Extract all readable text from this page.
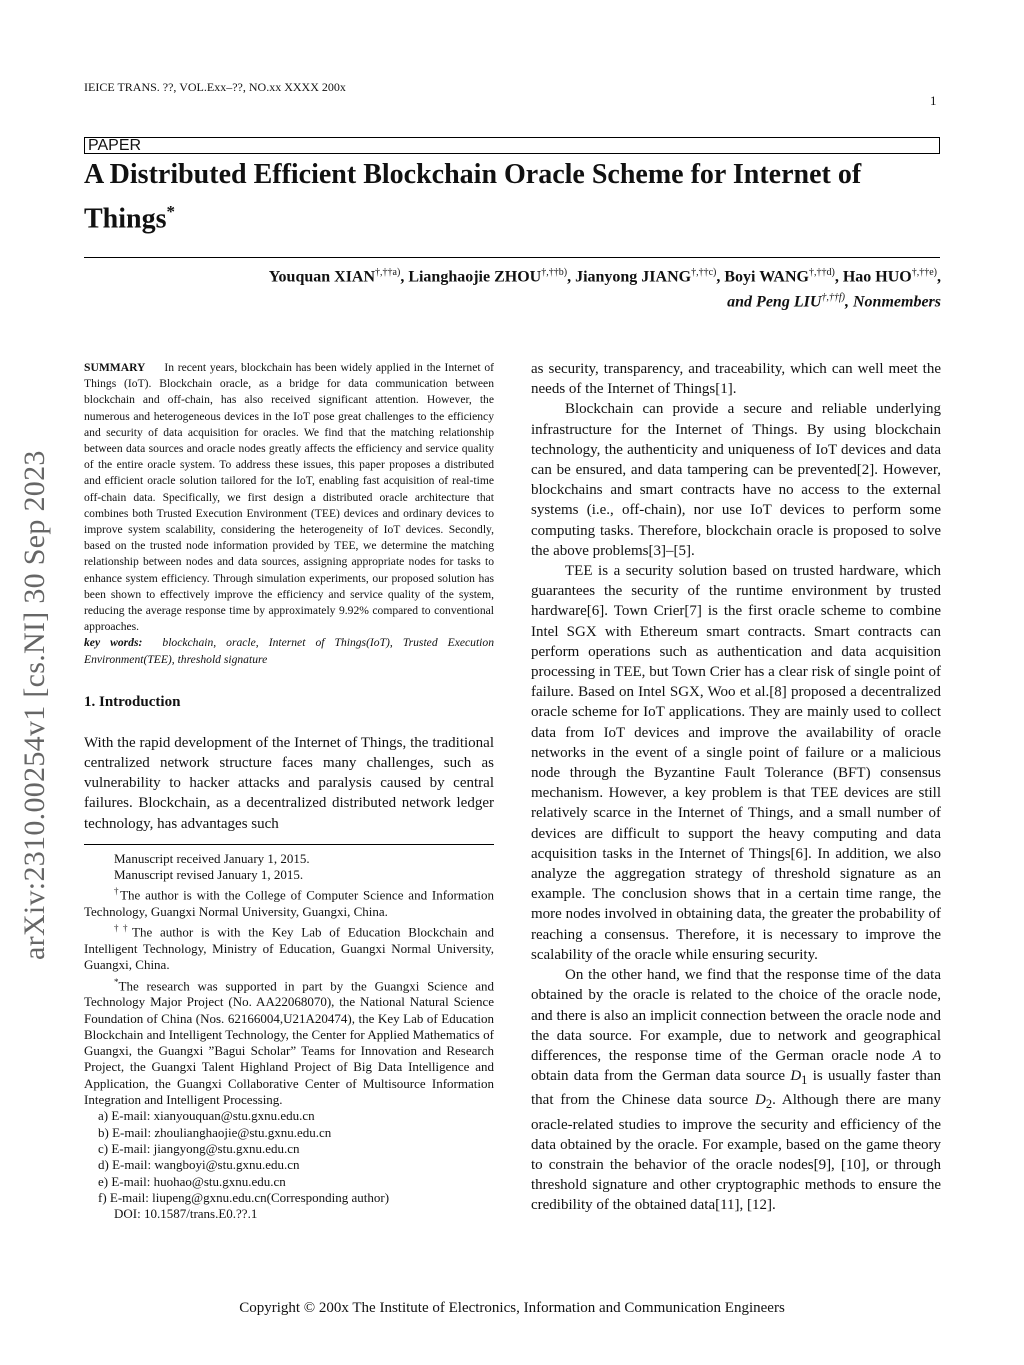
IEICE TRANS. ??, VOL.Exx–??, NO.xx XXXX 200x
1
PAPER
A Distributed Efficient Blockchain Oracle Scheme for Internet of Things*
Youquan $XIAN^{\dagger,\dagger\dagger a)}$, Lianghaojie $ZHOU^{\dagger,\dagger\dagger b)}$, Jianyong $JIANG^{\dagger,\dagger\dagger c)}$, Boyi $WANG^{\dagger,\dagger\dagger d)}$, Hao $HUO^{\dagger,\dagger\dagger e)}$,
and Peng $LIU^{\dagger,\dagger\dagger f)}$, Nonmembers
arXiv:2310.00254v1 [cs.NI] 30 Sep 2023

SUMMARY In recent years, blockchain has been widely applied in the Internet of Things (IoT). Blockchain oracle, as a bridge for data communication between blockchain and off-chain, has also received significant attention. However, the numerous and heterogeneous devices in the IoT pose great challenges to the efficiency and security of data acquisition for oracles. We find that the matching relationship between data sources and oracle nodes greatly affects the efficiency and service quality of the entire oracle system. To address these issues, this paper proposes a distributed and efficient oracle solution tailored for the IoT, enabling fast acquisition of real-time off-chain data. Specifically, we first design a distributed oracle architecture that combines both Trusted Execution Environment (TEE) devices and ordinary devices to improve system scalability, considering the heterogeneity of IoT devices. Secondly, based on the trusted node information provided by TEE, we determine the matching relationship between nodes and data sources, assigning appropriate nodes for tasks to enhance system efficiency. Through simulation experiments, our proposed solution has been shown to effectively improve the efficiency and service quality of the system, reducing the average response time by approximately 9.92% compared to conventional approaches.

key words: blockchain, oracle, Internet of Things(IoT), Trusted Execution Environment(TEE), threshold signature

1. Introduction

With the rapid development of the Internet of Things, the traditional centralized network structure faces many challenges, such as vulnerability to hacker attacks and paralysis caused by central failures. Blockchain, as a decentralized distributed network ledger technology, has advantages such

Manuscript received January 1, 2015.

Manuscript revised January 1, 2015.

†The author is with the College of Computer Science and Information Technology, Guangxi Normal University, Guangxi, China.

††The author is with the Key Lab of Education Blockchain and Intelligent Technology, Ministry of Education, Guangxi Normal University, Guangxi, China.

*The research was supported in part by the Guangxi Science and Technology Major Project (No. AA22068070), the National Natural Science Foundation of China (Nos. 62166004,U21A20474), the Key Lab of Education Blockchain and Intelligent Technology, the Center for Applied Mathematics of Guangxi, the Guangxi ”Bagui Scholar” Teams for Innovation and Research Project, the Guangxi Talent Highland Project of Big Data Intelligence and Application, the Guangxi Collaborative Center of Multisource Information Integration and Intelligent Processing.

a) E-mail: xianyouquan@stu.gxnu.edu.cn

b) E-mail: zhoulianghaojie@stu.gxnu.edu.cn

c) E-mail: jiangyong@stu.gxnu.edu.cn

d) E-mail: wangboyi@stu.gxnu.edu.cn

e) E-mail: huohao@stu.gxnu.edu.cn

f) E-mail: liupeng@gxnu.edu.cn(Corresponding author)

DOI: 10.1587/trans.E0.??.1

as security, transparency, and traceability, which can well meet the needs of the Internet of Things[1].

Blockchain can provide a secure and reliable underlying infrastructure for the Internet of Things. By using blockchain technology, the authenticity and uniqueness of IoT devices and data can be ensured, and data tampering can be prevented[2]. However, blockchains and smart contracts have no access to the external systems (i.e., off-chain), nor use IoT devices to perform some computing tasks. Therefore, blockchain oracle is proposed to solve the above problems[3]–[5].

TEE is a security solution based on trusted hardware, which guarantees the security of the runtime environment by trusted hardware[6]. Town Crier[7] is the first oracle scheme to combine Intel SGX with Ethereum smart contracts. Smart contracts can perform operations such as authentication and data acquisition processing in TEE, but Town Crier has a clear risk of single point of failure. Based on Intel SGX, Woo et al.[8] proposed a decentralized oracle scheme for IoT applications. They are mainly used to collect data from IoT devices and improve the availability of oracle networks in the event of a single point of failure or a malicious node through the Byzantine Fault Tolerance (BFT) consensus mechanism. However, a key problem is that TEE devices are still relatively scarce in the Internet of Things, and a small number of devices are difficult to support the heavy computing and data acquisition tasks in the Internet of Things[6]. In addition, we also analyze the aggregation strategy of threshold signature as an example. The conclusion shows that in a certain time range, the more nodes involved in obtaining data, the greater the probability of reaching a consensus. Therefore, it is necessary to improve the scalability of the oracle while ensuring security.

On the other hand, we find that the response time of the data obtained by the oracle is related to the choice of the oracle node, and there is also an implicit connection between the oracle node and the data source. For example, due to network and geographical differences, the response time of the German oracle node A to obtain data from the German data source $D_1$ is usually faster than that from the Chinese data source $D_2$. Although there are many oracle-related studies to improve the security and efficiency of the data obtained by the oracle. For example, based on the game theory to constrain the behavior of the oracle nodes[9], [10], or through threshold signature and other cryptographic methods to ensure the credibility of the obtained data[11], [12].

Copyright © 200x The Institute of Electronics, Information and Communication Engineers
